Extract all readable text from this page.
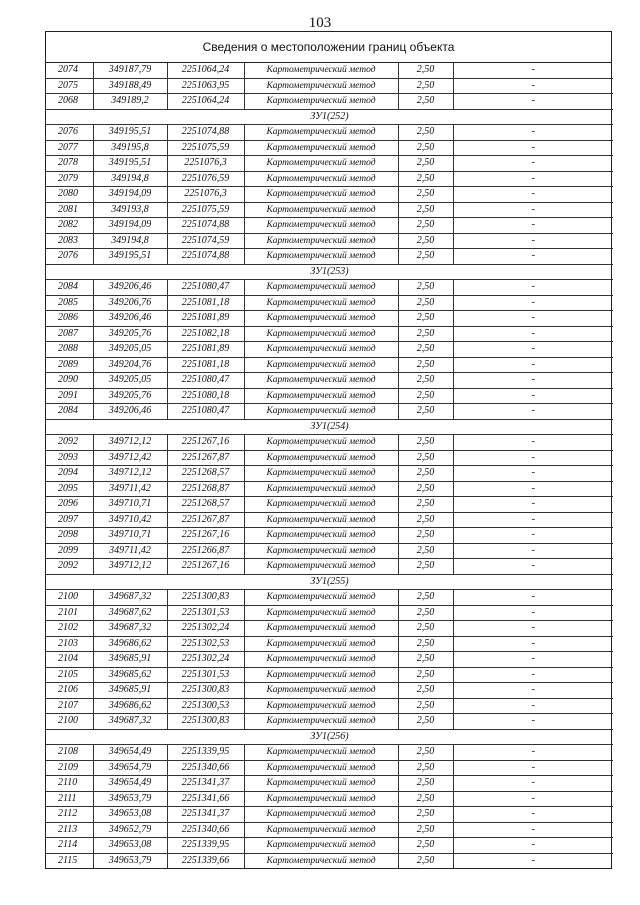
103
Сведения о местоположении границ объекта
2074	349187,79	2251064,24	Картометрический метод	2,50	-
2075	349188,49	2251063,95	Картометрический метод	2,50	-
2068	349189,2	2251064,24	Картометрический метод	2,50	-
ЗУ1(252)					
2076	349195,51	2251074,88	Картометрический метод	2,50	-
2077	349195,8	2251075,59	Картометрический метод	2,50	-
2078	349195,51	2251076,3	Картометрический метод	2,50	-
2079	349194,8	2251076,59	Картометрический метод	2,50	-
2080	349194,09	2251076,3	Картометрический метод	2,50	-
2081	349193,8	2251075,59	Картометрический метод	2,50	-
2082	349194,09	2251074,88	Картометрический метод	2,50	-
2083	349194,8	2251074,59	Картометрический метод	2,50	-
2076	349195,51	2251074,88	Картометрический метод	2,50	-
ЗУ1(253)					
2084	349206,46	2251080,47	Картометрический метод	2,50	-
2085	349206,76	2251081,18	Картометрический метод	2,50	-
2086	349206,46	2251081,89	Картометрический метод	2,50	-
2087	349205,76	2251082,18	Картометрический метод	2,50	-
2088	349205,05	2251081,89	Картометрический метод	2,50	-
2089	349204,76	2251081,18	Картометрический метод	2,50	-
2090	349205,05	2251080,47	Картометрический метод	2,50	-
2091	349205,76	2251080,18	Картометрический метод	2,50	-
2084	349206,46	2251080,47	Картометрический метод	2,50	-
ЗУ1(254)					
2092	349712,12	2251267,16	Картометрический метод	2,50	-
2093	349712,42	2251267,87	Картометрический метод	2,50	-
2094	349712,12	2251268,57	Картометрический метод	2,50	-
2095	349711,42	2251268,87	Картометрический метод	2,50	-
2096	349710,71	2251268,57	Картометрический метод	2,50	-
2097	349710,42	2251267,87	Картометрический метод	2,50	-
2098	349710,71	2251267,16	Картометрический метод	2,50	-
2099	349711,42	2251266,87	Картометрический метод	2,50	-
2092	349712,12	2251267,16	Картометрический метод	2,50	-
ЗУ1(255)					
2100	349687,32	2251300,83	Картометрический метод	2,50	-
2101	349687,62	2251301,53	Картометрический метод	2,50	-
2102	349687,32	2251302,24	Картометрический метод	2,50	-
2103	349686,62	2251302,53	Картометрический метод	2,50	-
2104	349685,91	2251302,24	Картометрический метод	2,50	-
2105	349685,62	2251301,53	Картометрический метод	2,50	-
2106	349685,91	2251300,83	Картометрический метод	2,50	-
2107	349686,62	2251300,53	Картометрический метод	2,50	-
2100	349687,32	2251300,83	Картометрический метод	2,50	-
ЗУ1(256)					
2108	349654,49	2251339,95	Картометрический метод	2,50	-
2109	349654,79	2251340,66	Картометрический метод	2,50	-
2110	349654,49	2251341,37	Картометрический метод	2,50	-
2111	349653,79	2251341,66	Картометрический метод	2,50	-
2112	349653,08	2251341,37	Картометрический метод	2,50	-
2113	349652,79	2251340,66	Картометрический метод	2,50	-
2114	349653,08	2251339,95	Картометрический метод	2,50	-
2115	349653,79	2251339,66	Картометрический метод	2,50	-
